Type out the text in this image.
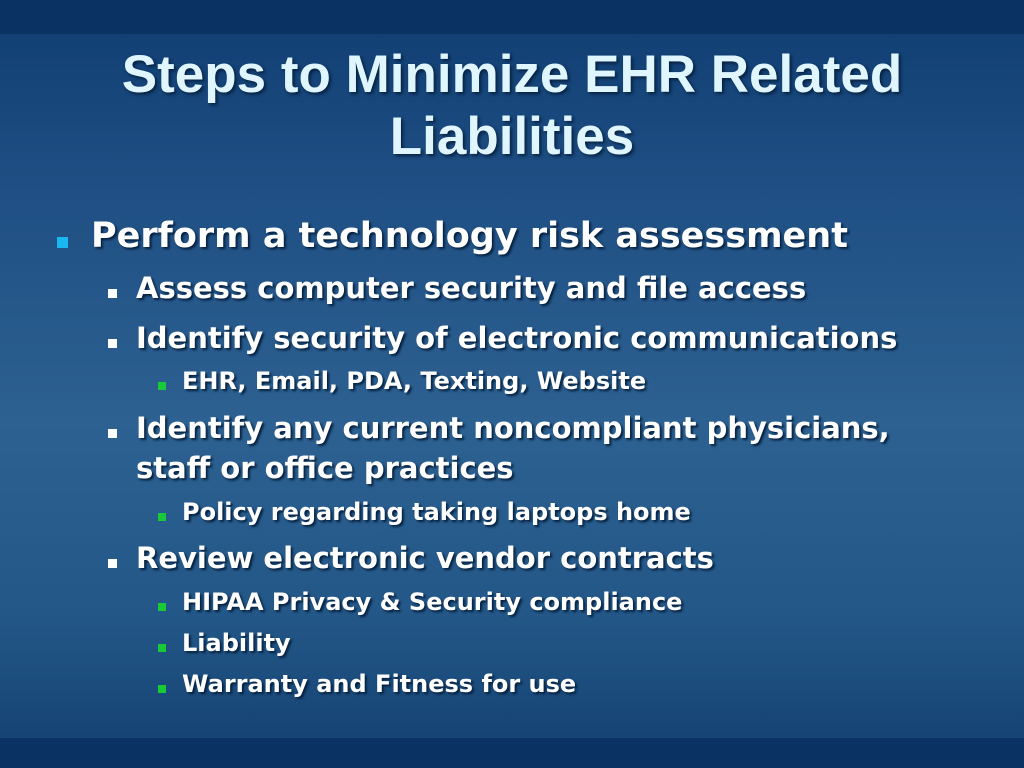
Steps to Minimize EHR Related Liabilities
Perform a technology risk assessment
Assess computer security and file access
Identify security of electronic communications
EHR, Email, PDA, Texting, Website
Identify any current noncompliant physicians,
staff or office practices
Policy regarding taking laptops home
Review electronic vendor contracts
HIPAA Privacy & Security compliance
Liability
Warranty and Fitness for use
